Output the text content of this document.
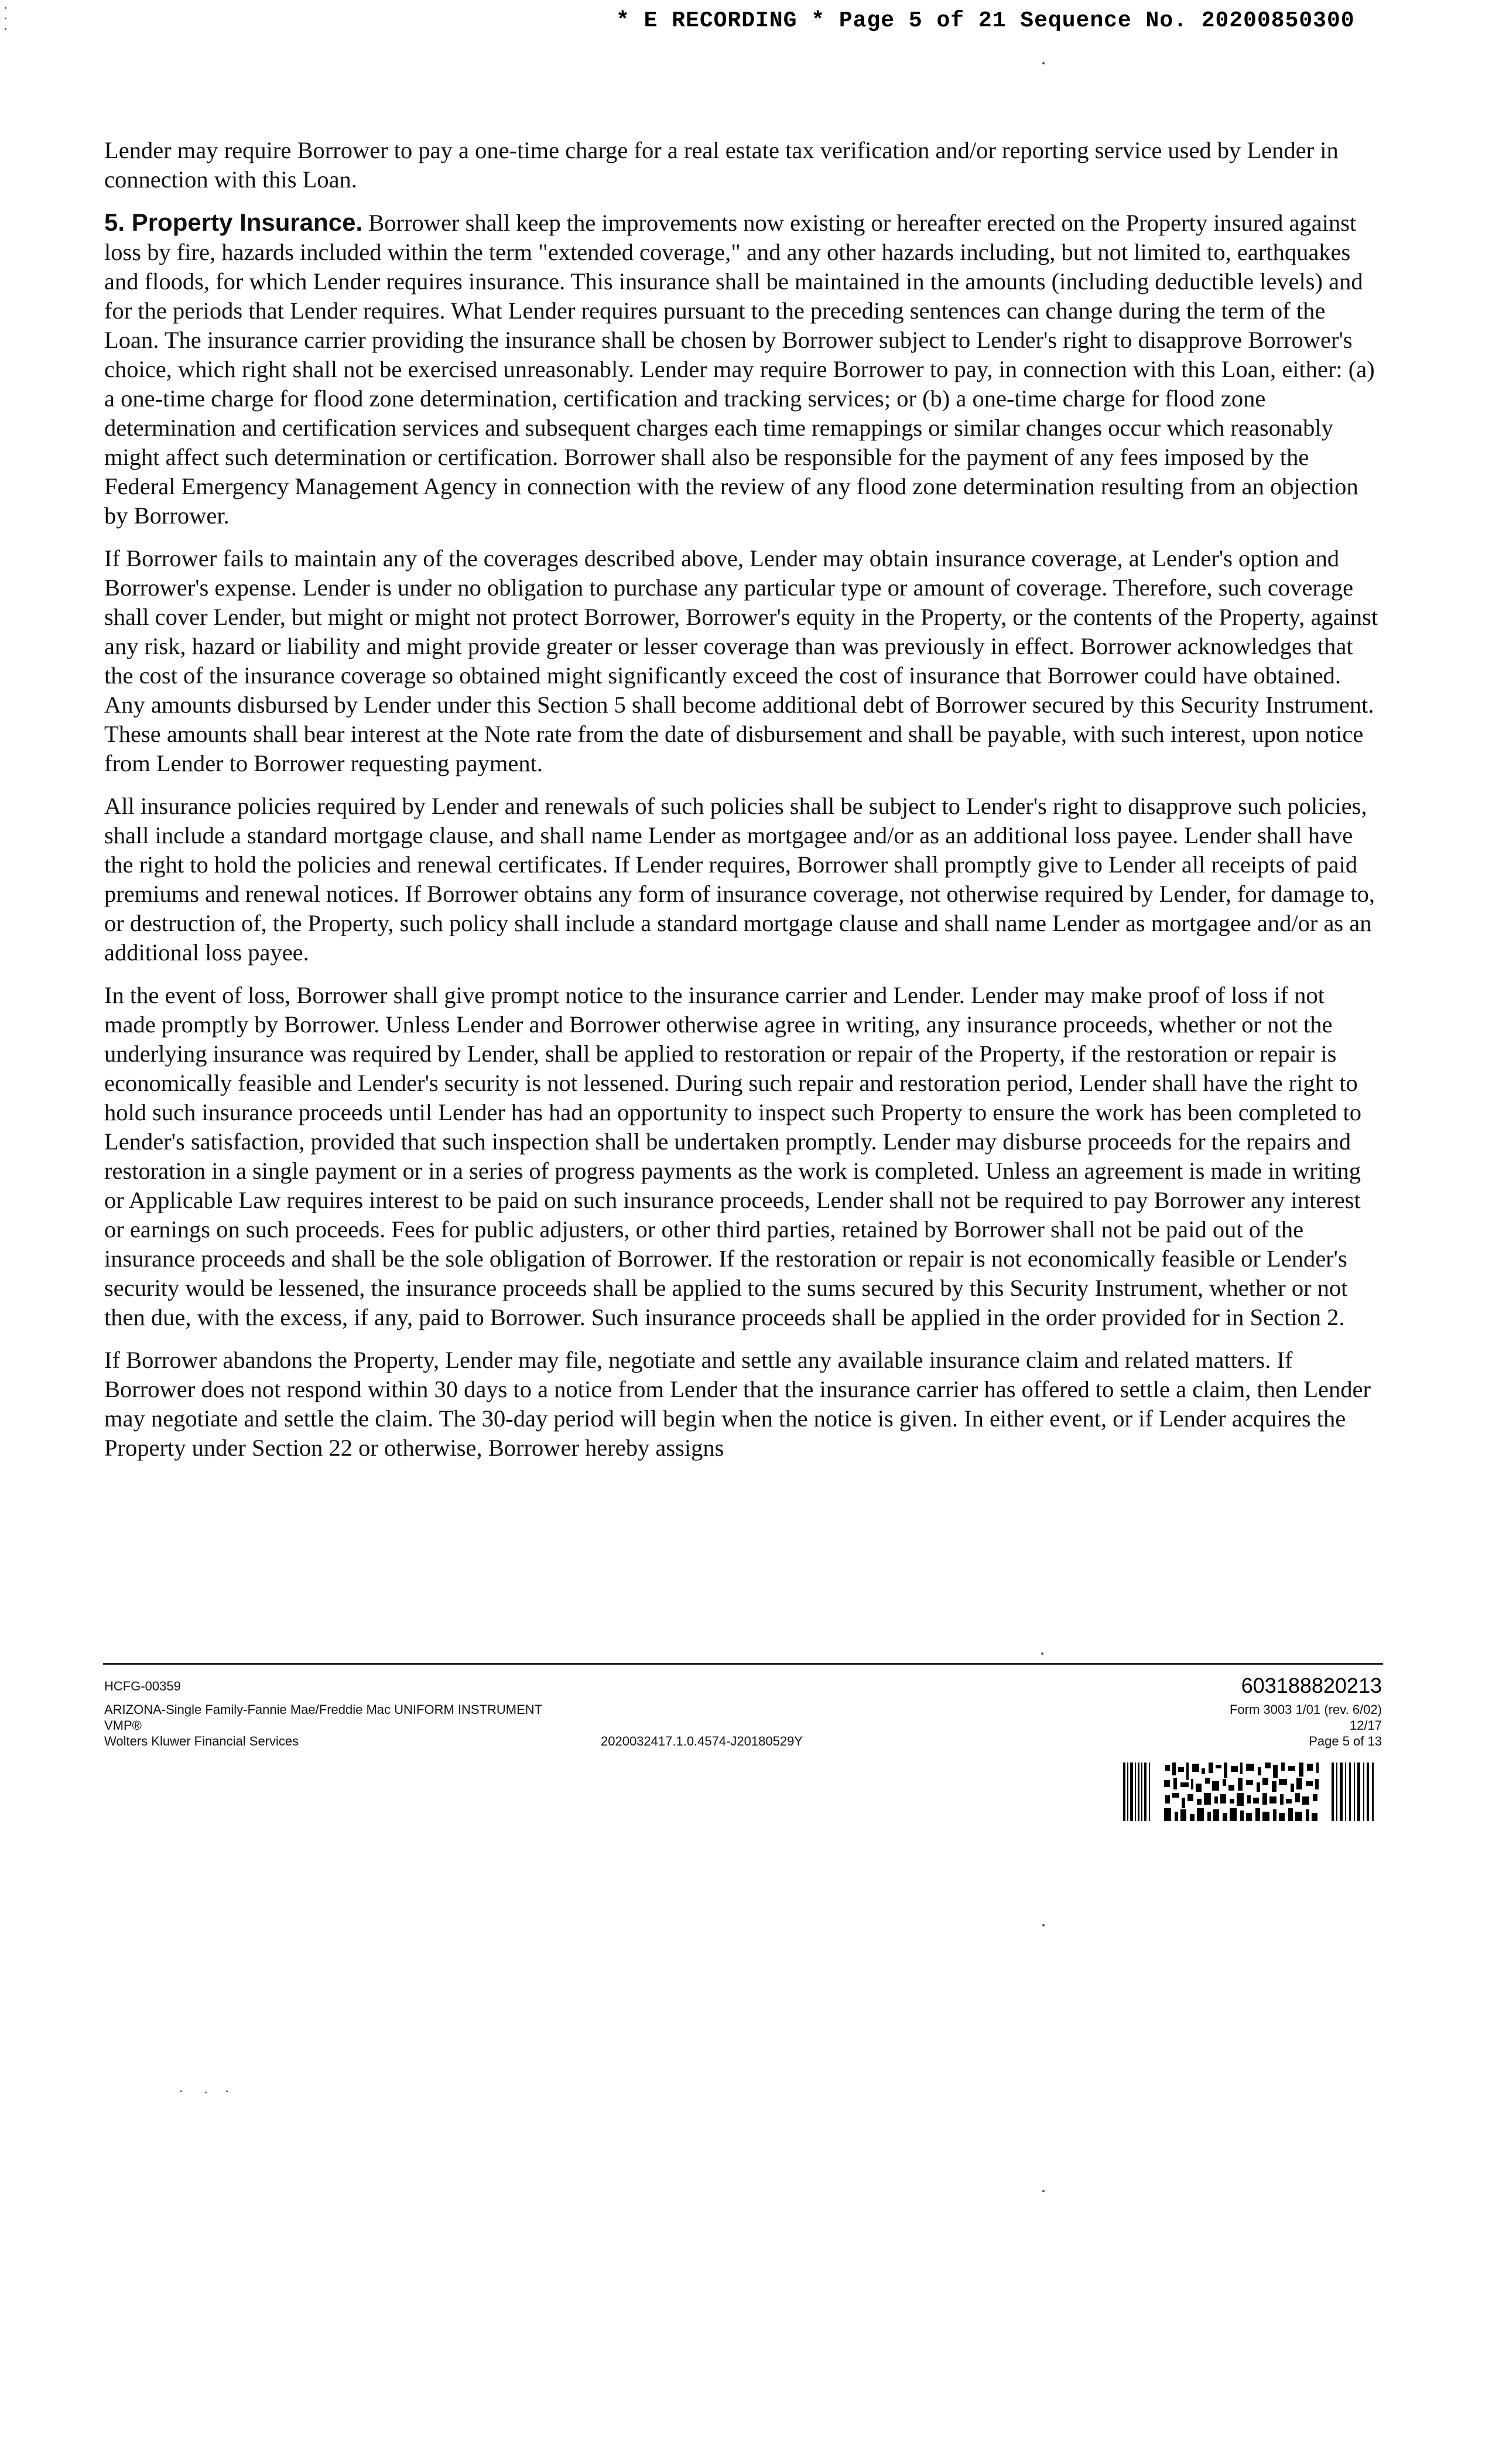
* E RECORDING * Page 5 of 21 Sequence No. 20200850300

Lender may require Borrower to pay a one-time charge for a real estate tax verification and/or reporting service used by Lender in connection with this Loan.

5. Property Insurance. Borrower shall keep the improvements now existing or hereafter erected on the Property insured against loss by fire, hazards included within the term "extended coverage," and any other hazards including, but not limited to, earthquakes and floods, for which Lender requires insurance. This insurance shall be maintained in the amounts (including deductible levels) and for the periods that Lender requires. What Lender requires pursuant to the preceding sentences can change during the term of the Loan. The insurance carrier providing the insurance shall be chosen by Borrower subject to Lender's right to disapprove Borrower's choice, which right shall not be exercised unreasonably. Lender may require Borrower to pay, in connection with this Loan, either: (a) a one-time charge for flood zone determination, certification and tracking services; or (b) a one-time charge for flood zone determination and certification services and subsequent charges each time remappings or similar changes occur which reasonably might affect such determination or certification. Borrower shall also be responsible for the payment of any fees imposed by the Federal Emergency Management Agency in connection with the review of any flood zone determination resulting from an objection by Borrower.

If Borrower fails to maintain any of the coverages described above, Lender may obtain insurance coverage, at Lender's option and Borrower's expense. Lender is under no obligation to purchase any particular type or amount of coverage. Therefore, such coverage shall cover Lender, but might or might not protect Borrower, Borrower's equity in the Property, or the contents of the Property, against any risk, hazard or liability and might provide greater or lesser coverage than was previously in effect. Borrower acknowledges that the cost of the insurance coverage so obtained might significantly exceed the cost of insurance that Borrower could have obtained. Any amounts disbursed by Lender under this Section 5 shall become additional debt of Borrower secured by this Security Instrument. These amounts shall bear interest at the Note rate from the date of disbursement and shall be payable, with such interest, upon notice from Lender to Borrower requesting payment.

All insurance policies required by Lender and renewals of such policies shall be subject to Lender's right to disapprove such policies, shall include a standard mortgage clause, and shall name Lender as mortgagee and/or as an additional loss payee. Lender shall have the right to hold the policies and renewal certificates. If Lender requires, Borrower shall promptly give to Lender all receipts of paid premiums and renewal notices. If Borrower obtains any form of insurance coverage, not otherwise required by Lender, for damage to, or destruction of, the Property, such policy shall include a standard mortgage clause and shall name Lender as mortgagee and/or as an additional loss payee.

In the event of loss, Borrower shall give prompt notice to the insurance carrier and Lender. Lender may make proof of loss if not made promptly by Borrower. Unless Lender and Borrower otherwise agree in writing, any insurance proceeds, whether or not the underlying insurance was required by Lender, shall be applied to restoration or repair of the Property, if the restoration or repair is economically feasible and Lender's security is not lessened. During such repair and restoration period, Lender shall have the right to hold such insurance proceeds until Lender has had an opportunity to inspect such Property to ensure the work has been completed to Lender's satisfaction, provided that such inspection shall be undertaken promptly. Lender may disburse proceeds for the repairs and restoration in a single payment or in a series of progress payments as the work is completed. Unless an agreement is made in writing or Applicable Law requires interest to be paid on such insurance proceeds, Lender shall not be required to pay Borrower any interest or earnings on such proceeds. Fees for public adjusters, or other third parties, retained by Borrower shall not be paid out of the insurance proceeds and shall be the sole obligation of Borrower. If the restoration or repair is not economically feasible or Lender's security would be lessened, the insurance proceeds shall be applied to the sums secured by this Security Instrument, whether or not then due, with the excess, if any, paid to Borrower. Such insurance proceeds shall be applied in the order provided for in Section 2.

If Borrower abandons the Property, Lender may file, negotiate and settle any available insurance claim and related matters. If Borrower does not respond within 30 days to a notice from Lender that the insurance carrier has offered to settle a claim, then Lender may negotiate and settle the claim. The 30-day period will begin when the notice is given. In either event, or if Lender acquires the Property under Section 22 or otherwise, Borrower hereby assigns

HCFG-00359
ARIZONA-Single Family-Fannie Mae/Freddie Mac UNIFORM INSTRUMENT
VMP®
Wolters Kluwer Financial Services	2020032417.1.0.4574-J20180529Y
603188820213
Form 3003 1/01 (rev. 6/02)
12/17
Page 5 of 13
